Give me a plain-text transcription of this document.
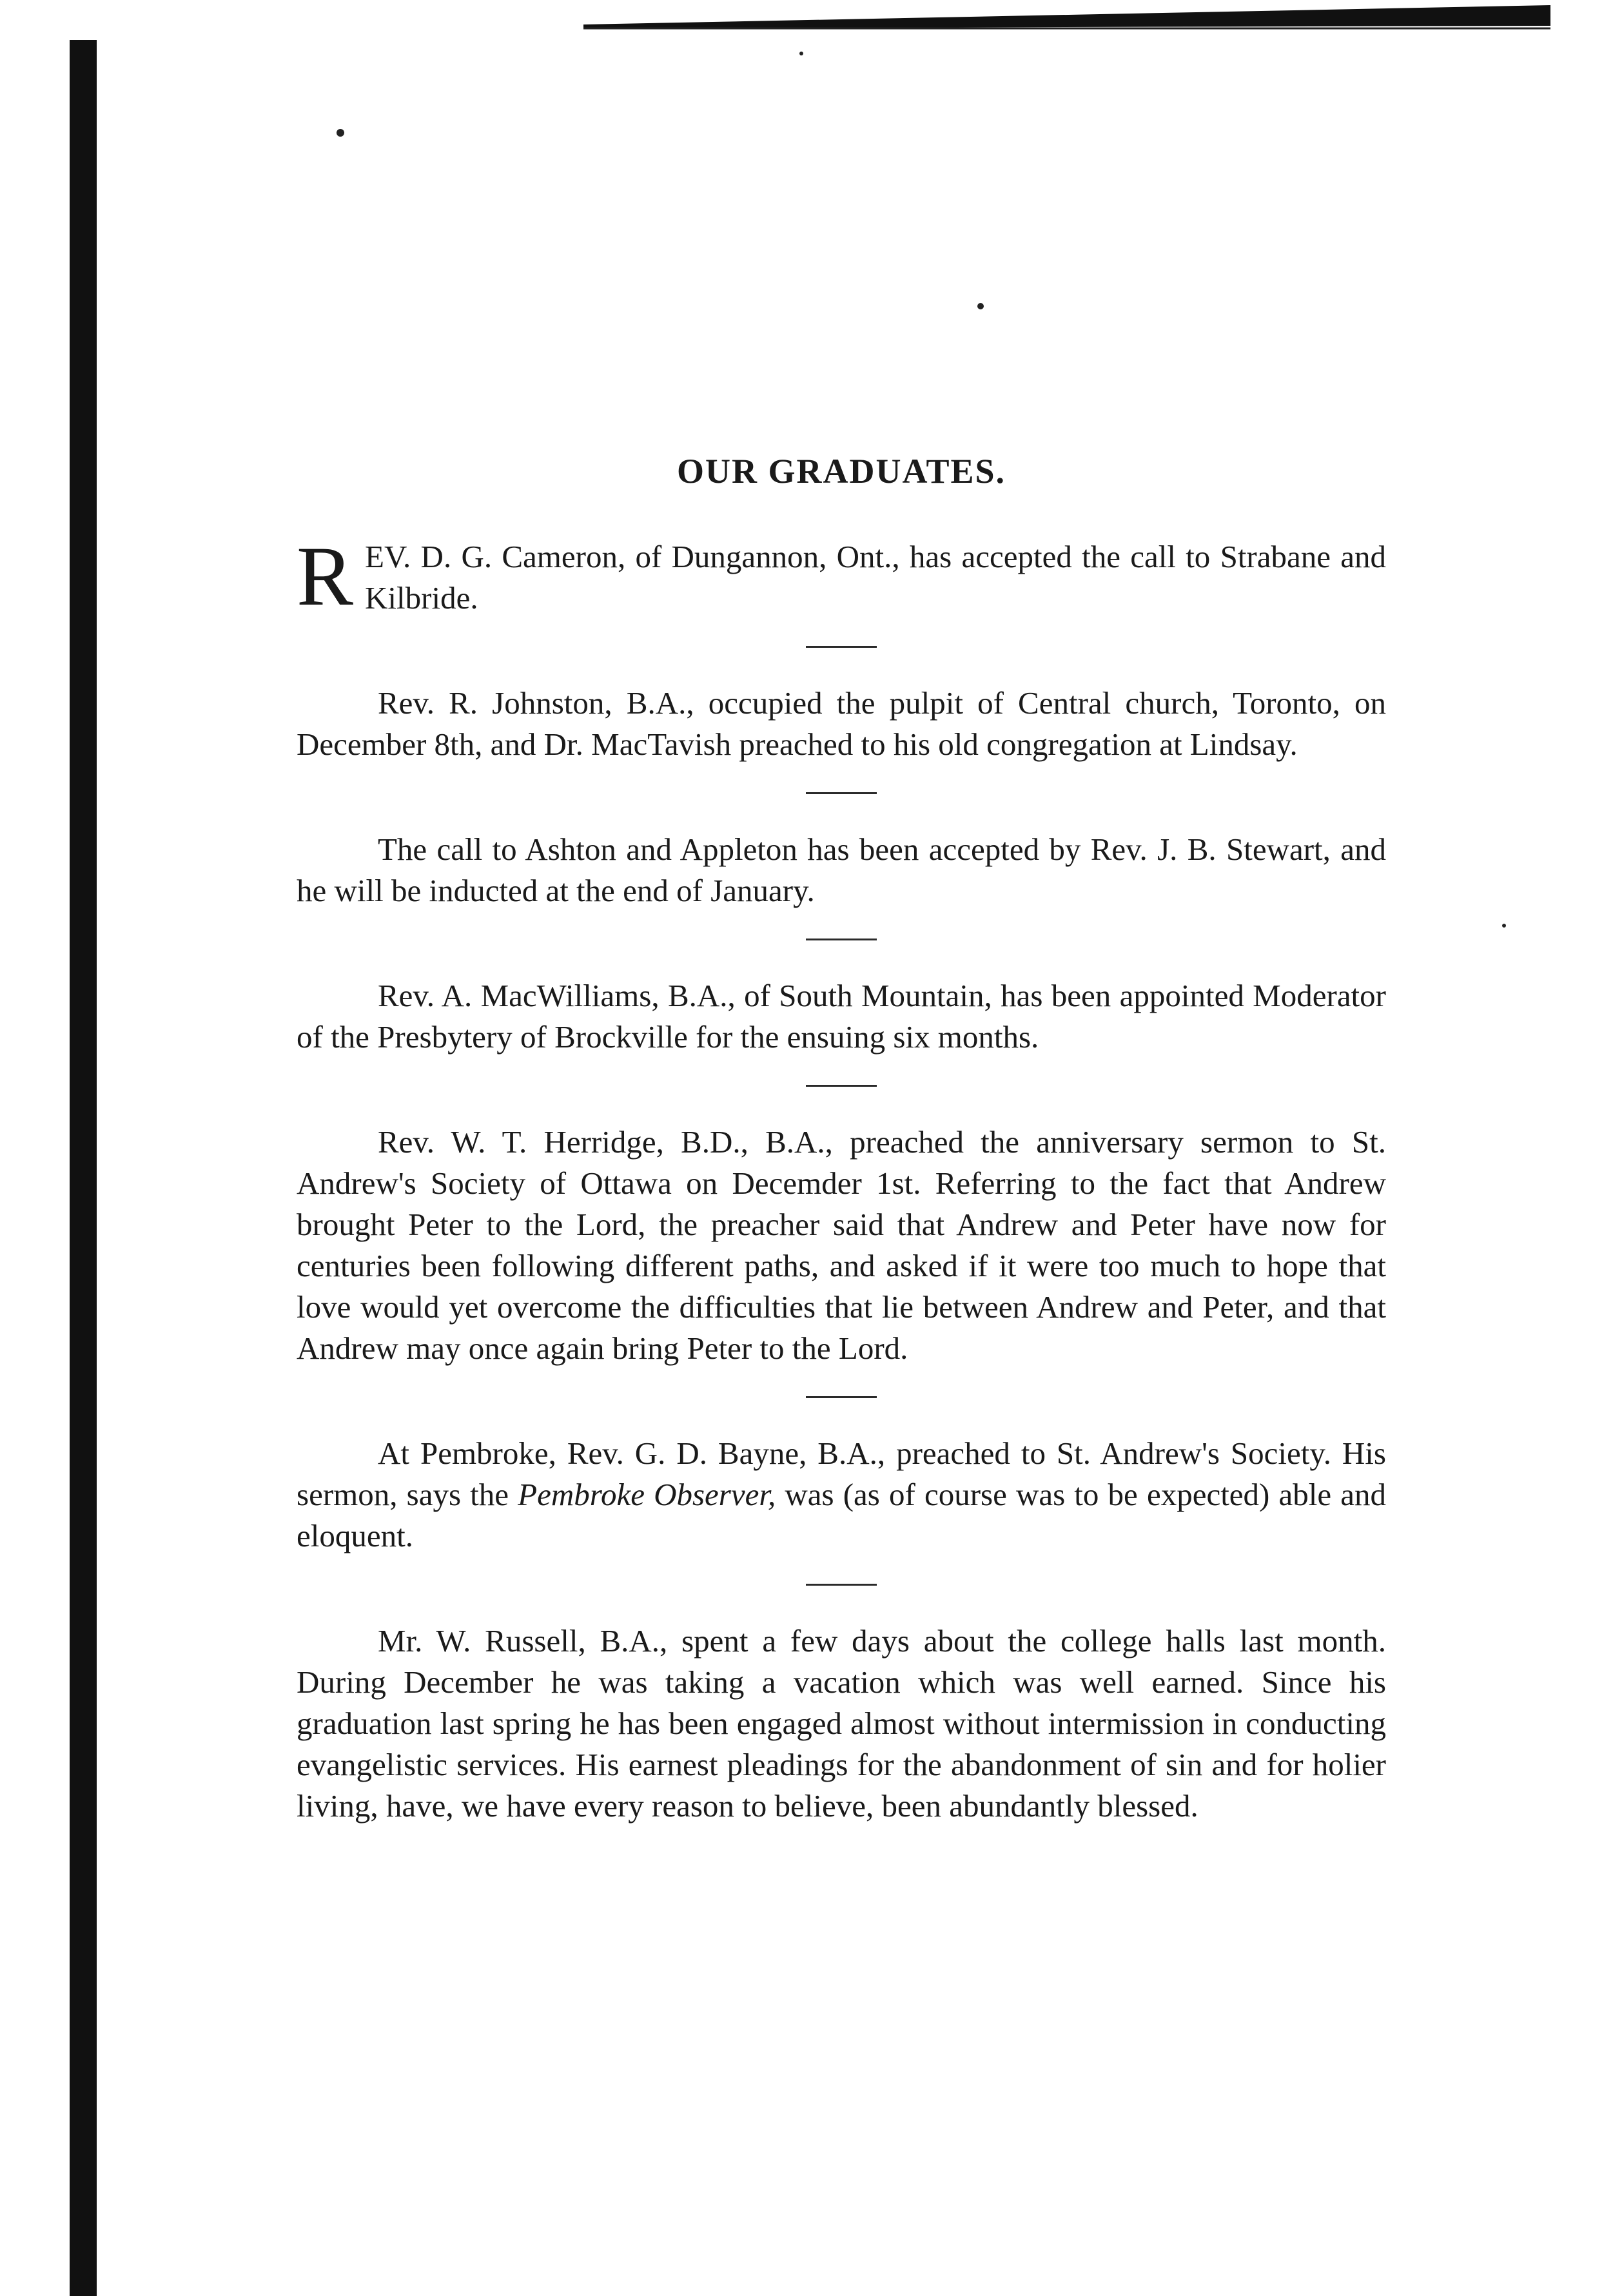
OUR GRADUATES.

REV. D. G. Cameron, of Dungannon, Ont., has accepted the call to Strabane and Kilbride.

Rev. R. Johnston, B.A., occupied the pulpit of Central church, Toronto, on December 8th, and Dr. MacTavish preached to his old congregation at Lindsay.

The call to Ashton and Appleton has been accepted by Rev. J. B. Stewart, and he will be inducted at the end of January.

Rev. A. MacWilliams, B.A., of South Mountain, has been appointed Moderator of the Presbytery of Brockville for the ensuing six months.

Rev. W. T. Herridge, B.D., B.A., preached the anniversary sermon to St. Andrew's Society of Ottawa on Decemder 1st. Referring to the fact that Andrew brought Peter to the Lord, the preacher said that Andrew and Peter have now for centuries been following different paths, and asked if it were too much to hope that love would yet overcome the difficulties that lie between Andrew and Peter, and that Andrew may once again bring Peter to the Lord.

At Pembroke, Rev. G. D. Bayne, B.A., preached to St. Andrew's Society. His sermon, says the Pembroke Observer, was (as of course was to be expected) able and eloquent.

Mr. W. Russell, B.A., spent a few days about the college halls last month. During December he was taking a vacation which was well earned. Since his graduation last spring he has been engaged almost without intermission in conducting evangelistic services. His earnest pleadings for the abandonment of sin and for holier living, have, we have every reason to believe, been abundantly blessed.
